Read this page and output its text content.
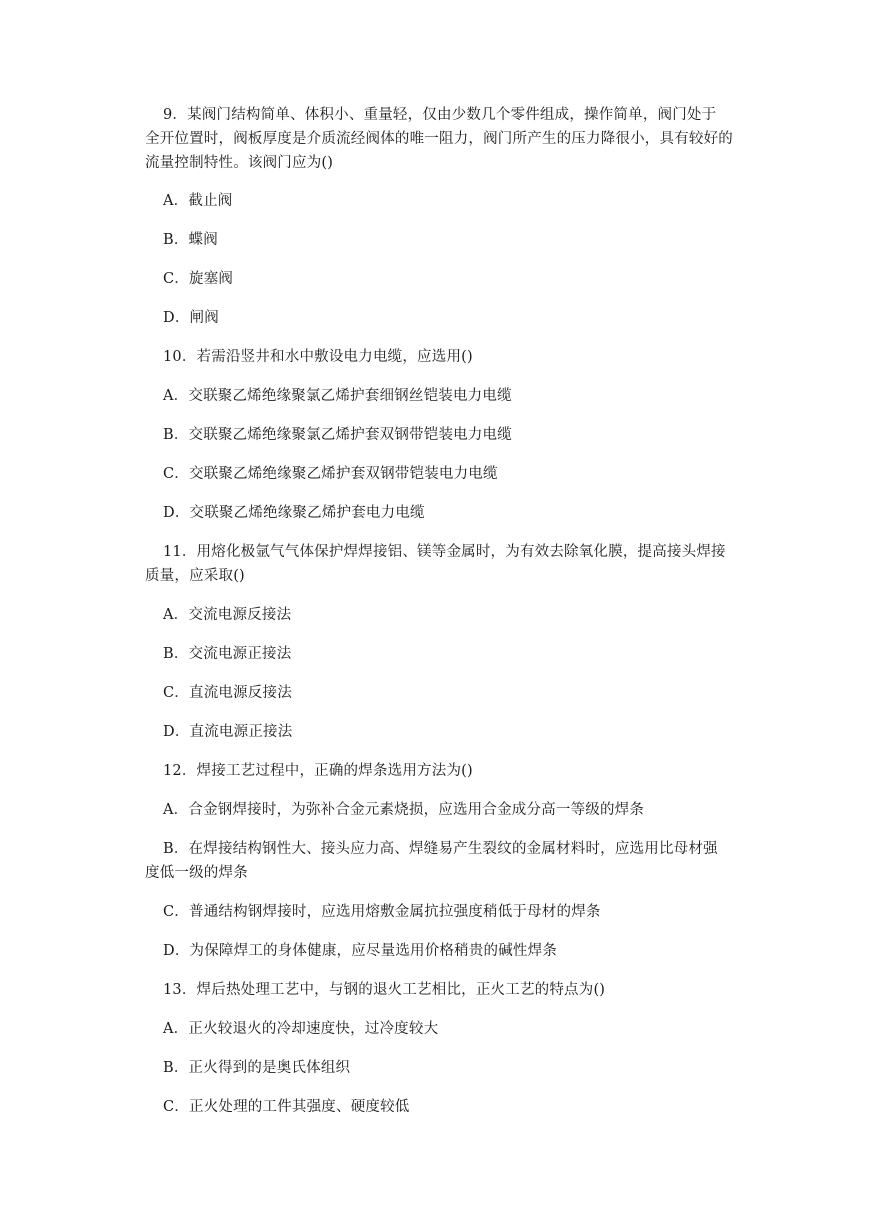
9．某阀门结构简单、体积小、重量轻，仅由少数几个零件组成，操作简单，阀门处于
全开位置时，阀板厚度是介质流经阀体的唯一阻力，阀门所产生的压力降很小，具有较好的
流量控制特性。该阀门应为()
A．截止阀
B．蝶阀
C．旋塞阀
D．闸阀
10．若需沿竖井和水中敷设电力电缆，应选用()
A．交联聚乙烯绝缘聚氯乙烯护套细钢丝铠装电力电缆
B．交联聚乙烯绝缘聚氯乙烯护套双钢带铠装电力电缆
C．交联聚乙烯绝缘聚乙烯护套双钢带铠装电力电缆
D．交联聚乙烯绝缘聚乙烯护套电力电缆
11．用熔化极氩气气体保护焊焊接铝、镁等金属时，为有效去除氧化膜，提高接头焊接
质量，应采取()
A．交流电源反接法
B．交流电源正接法
C．直流电源反接法
D．直流电源正接法
12．焊接工艺过程中，正确的焊条选用方法为()
A．合金钢焊接时，为弥补合金元素烧损，应选用合金成分高一等级的焊条
B．在焊接结构钢性大、接头应力高、焊缝易产生裂纹的金属材料时，应选用比母材强
度低一级的焊条
C．普通结构钢焊接时，应选用熔敷金属抗拉强度稍低于母材的焊条
D．为保障焊工的身体健康，应尽量选用价格稍贵的碱性焊条
13．焊后热处理工艺中，与钢的退火工艺相比，正火工艺的特点为()
A．正火较退火的冷却速度快，过冷度较大
B．正火得到的是奥氏体组织
C．正火处理的工件其强度、硬度较低
